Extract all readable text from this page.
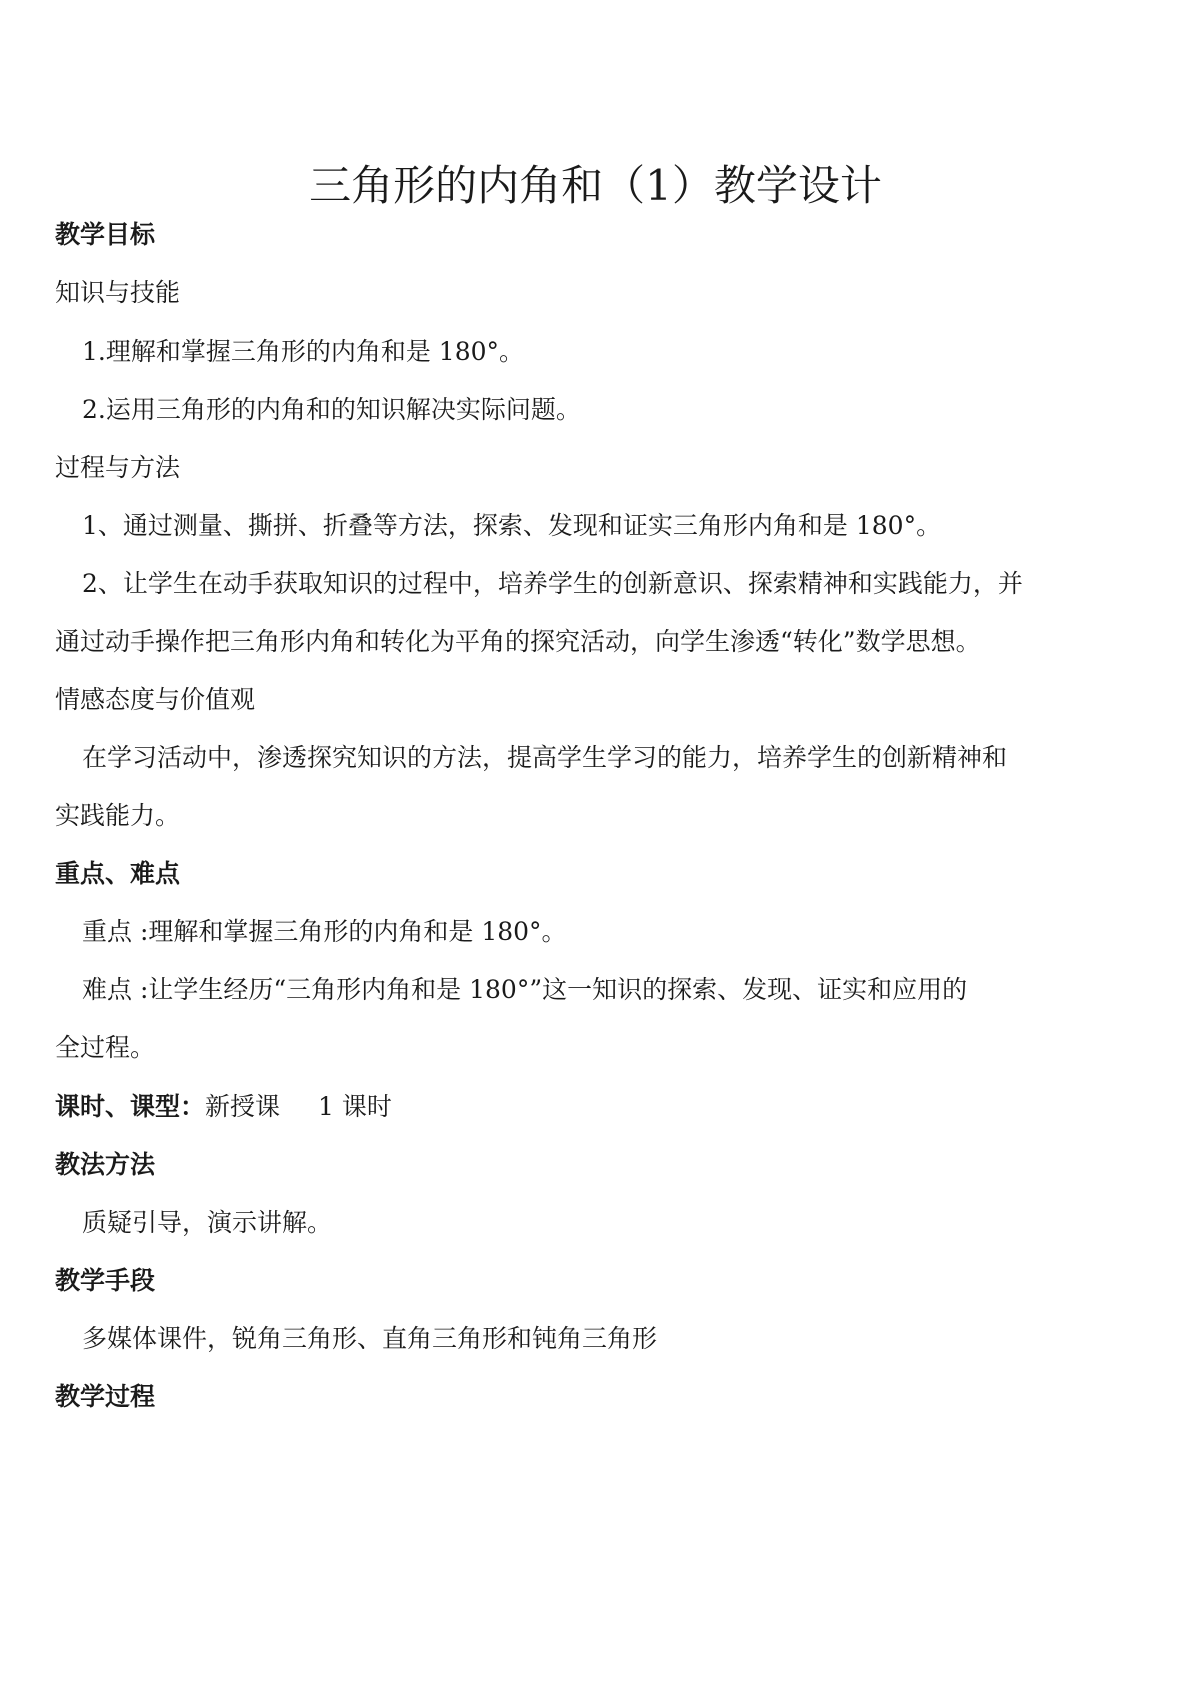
三角形的内角和（1）教学设计
教学目标
知识与技能
1.理解和掌握三角形的内角和是 180°。
2.运用三角形的内角和的知识解决实际问题。
过程与方法
1、通过测量、撕拼、折叠等方法，探索、发现和证实三角形内角和是 180°。
2、让学生在动手获取知识的过程中，培养学生的创新意识、探索精神和实践能力，并
通过动手操作把三角形内角和转化为平角的探究活动，向学生渗透“转化”数学思想。
情感态度与价值观
在学习活动中，渗透探究知识的方法，提高学生学习的能力，培养学生的创新精神和
实践能力。
重点、难点
重点 :理解和掌握三角形的内角和是 180°。
难点 :让学生经历“三角形内角和是 180°”这一知识的探索、发现、证实和应用的
全过程。
课时、课型：新授课 1 课时
教法方法
质疑引导，演示讲解。
教学手段
多媒体课件，锐角三角形、直角三角形和钝角三角形
教学过程
